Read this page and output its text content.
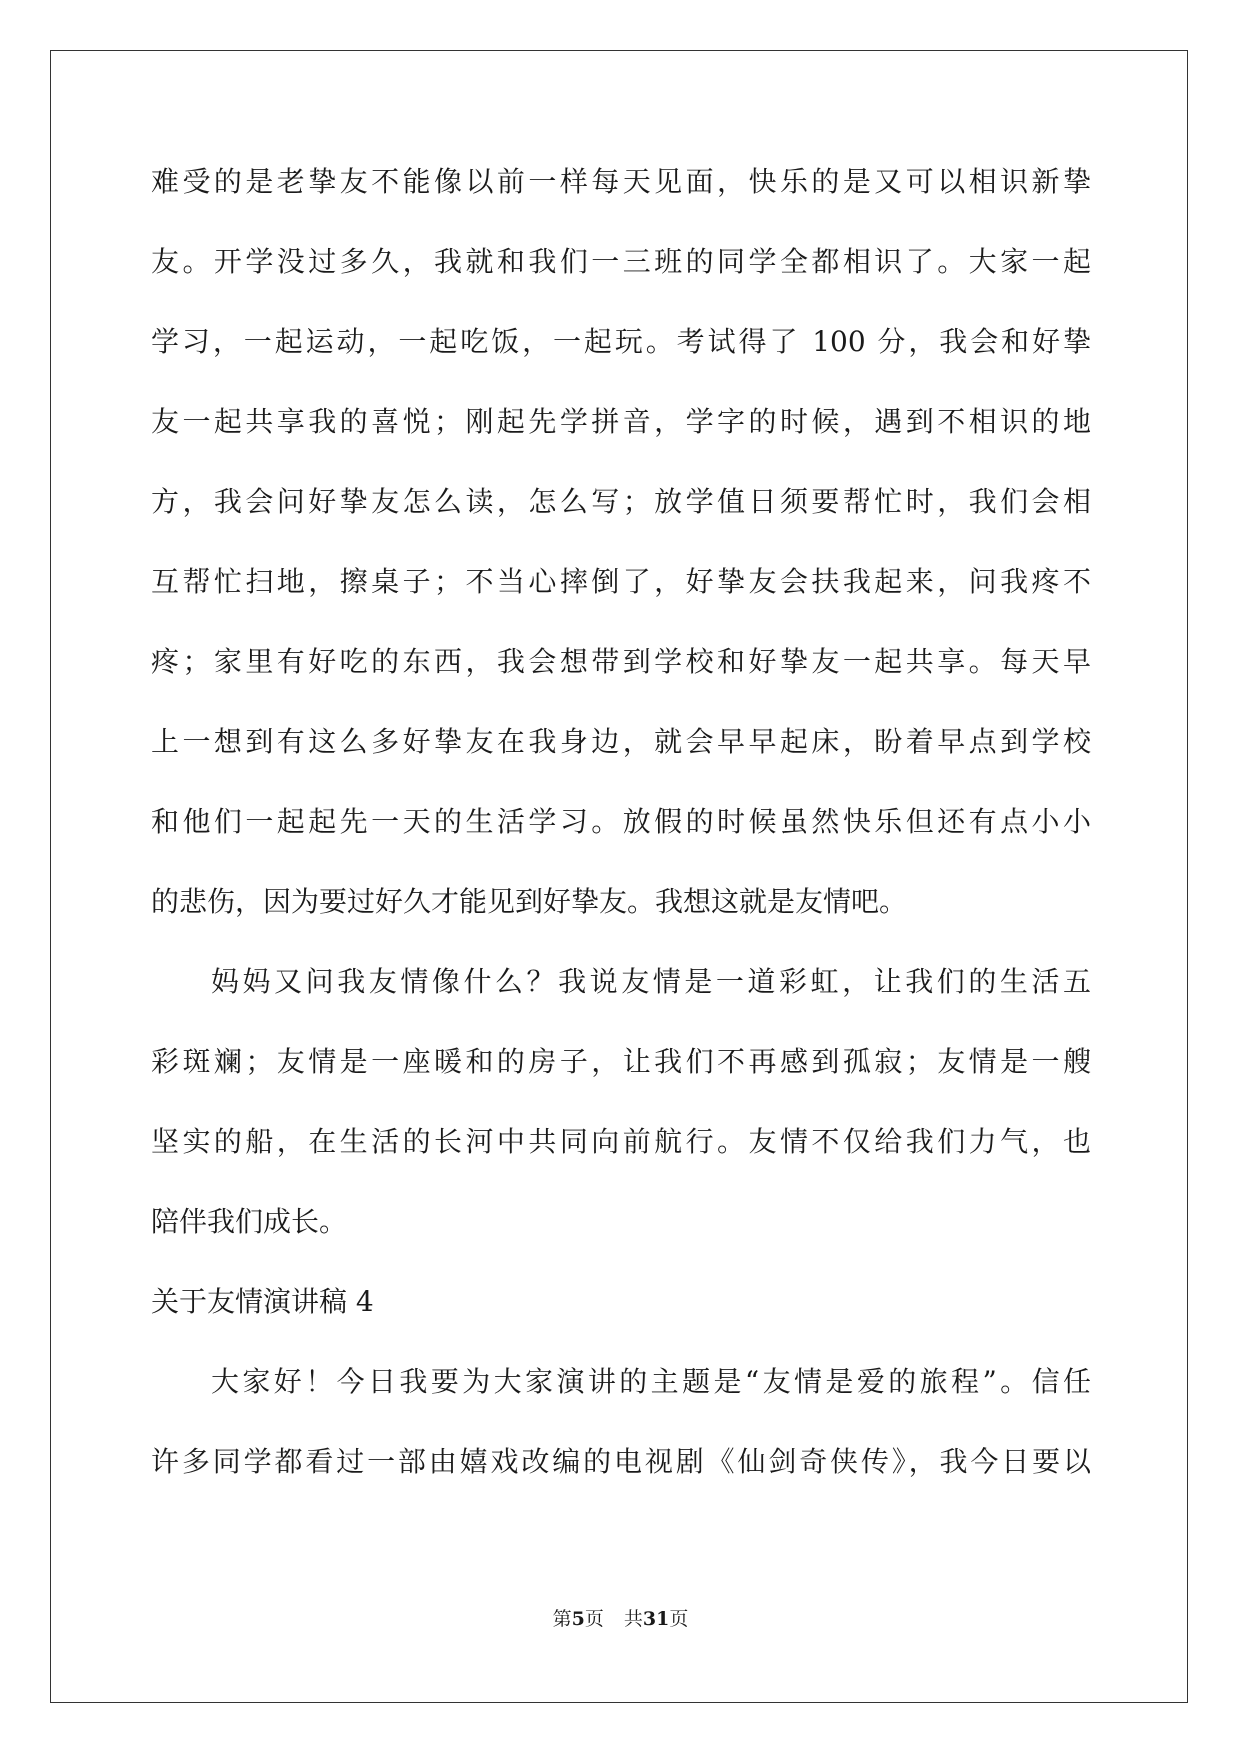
难受的是老挚友不能像以前一样每天见面，快乐的是又可以相识新挚
友。开学没过多久，我就和我们一三班的同学全都相识了。大家一起
学习，一起运动，一起吃饭，一起玩。考试得了 100 分，我会和好挚
友一起共享我的喜悦；刚起先学拼音，学字的时候，遇到不相识的地
方，我会问好挚友怎么读，怎么写；放学值日须要帮忙时，我们会相
互帮忙扫地，擦桌子；不当心摔倒了，好挚友会扶我起来，问我疼不
疼；家里有好吃的东西，我会想带到学校和好挚友一起共享。每天早
上一想到有这么多好挚友在我身边，就会早早起床，盼着早点到学校
和他们一起起先一天的生活学习。放假的时候虽然快乐但还有点小小
的悲伤，因为要过好久才能见到好挚友。我想这就是友情吧。
妈妈又问我友情像什么？我说友情是一道彩虹，让我们的生活五
彩斑斓；友情是一座暖和的房子，让我们不再感到孤寂；友情是一艘
坚实的船，在生活的长河中共同向前航行。友情不仅给我们力气，也
陪伴我们成长。
关于友情演讲稿 4
大家好！今日我要为大家演讲的主题是“友情是爱的旅程”。信任
许多同学都看过一部由嬉戏改编的电视剧《仙剑奇侠传》，我今日要以
第5页 共31页
